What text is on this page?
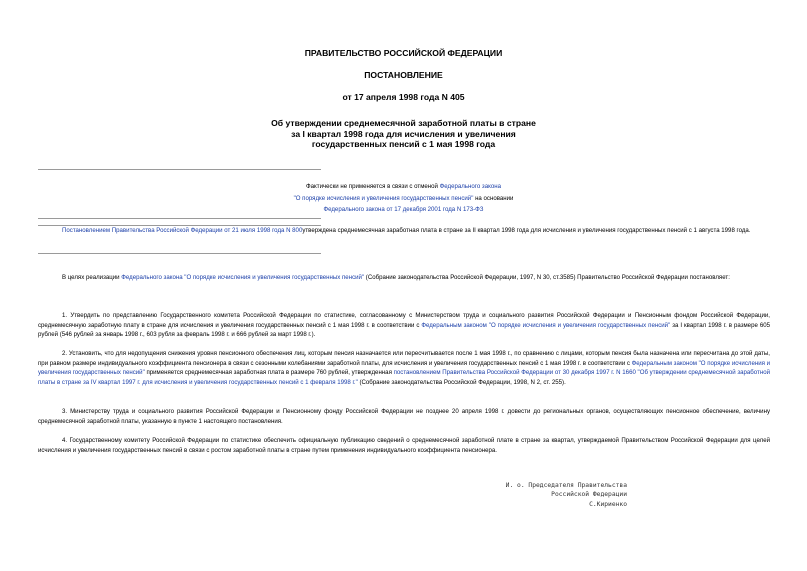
ПРАВИТЕЛЬСТВО РОССИЙСКОЙ ФЕДЕРАЦИИ
ПОСТАНОВЛЕНИЕ
от 17 апреля 1998 года N 405
Об утверждении среднемесячной заработной платы в стране
за I квартал 1998 года для исчисления и увеличения
государственных пенсий с 1 мая 1998 года
Фактически не применяется в связи с отменой Федерального закона
"О порядке исчисления и увеличения государственных пенсий" на основании
Федерального закона от 17 декабря 2001 года N 173-ФЗ
Постановлением Правительства Российской Федерации от 21 июля 1998 года N 800утверждена среднемесячная заработная плата в стране за II квартал 1998 года для исчисления и увеличения государственных пенсий с 1 августа 1998 года.
В целях реализации Федерального закона "О порядке исчисления и увеличения государственных пенсий" (Собрание законодательства Российской Федерации, 1997, N 30, ст.3585) Правительство Российской Федерации постановляет:
1. Утвердить по представлению Государственного комитета Российской Федерации по статистике, согласованному с Министерством труда и социального развития Российской Федерации и Пенсионным фондом Российской Федерации, среднемесячную заработную плату в стране для исчисления и увеличения государственных пенсий с 1 мая 1998 г. в соответствии с Федеральным законом "О порядке исчисления и увеличения государственных пенсий" за I квартал 1998 г. в размере 605 рублей (546 рублей за январь 1998 г., 603 рубля за февраль 1998 г. и 666 рублей за март 1998 г.).
2. Установить, что для недопущения снижения уровня пенсионного обеспечения лиц, которым пенсия назначается или пересчитывается после 1 мая 1998 г., по сравнению с лицами, которым пенсия была назначена или пересчитана до этой даты, при равном размере индивидуального коэффициента пенсионера в связи с сезонными колебаниями заработной платы, для исчисления и увеличения государственных пенсий с 1 мая 1998 г. в соответствии с Федеральным законом "О порядке исчисления и увеличения государственных пенсий" применяется среднемесячная заработная плата в размере 760 рублей, утвержденная постановлением Правительства Российской Федерации от 30 декабря 1997 г. N 1660 "Об утверждении среднемесячной заработной платы в стране за IV квартал 1997 г. для исчисления и увеличения государственных пенсий с 1 февраля 1998 г." (Собрание законодательства Российской Федерации, 1998, N 2, ст. 255).
3. Министерству труда и социального развития Российской Федерации и Пенсионному фонду Российской Федерации не позднее 20 апреля 1998 г. довести до региональных органов, осуществляющих пенсионное обеспечение, величину среднемесячной заработной платы, указанную в пункте 1 настоящего постановления.
4. Государственному комитету Российской Федерации по статистике обеспечить официальную публикацию сведений о среднемесячной заработной плате в стране за квартал, утверждаемой Правительством Российской Федерации для целей исчисления и увеличения государственных пенсий в связи с ростом заработной платы в стране путем применения индивидуального коэффициента пенсионера.
И. о. Председателя Правительства
Российской Федерации
С.Кириенко
